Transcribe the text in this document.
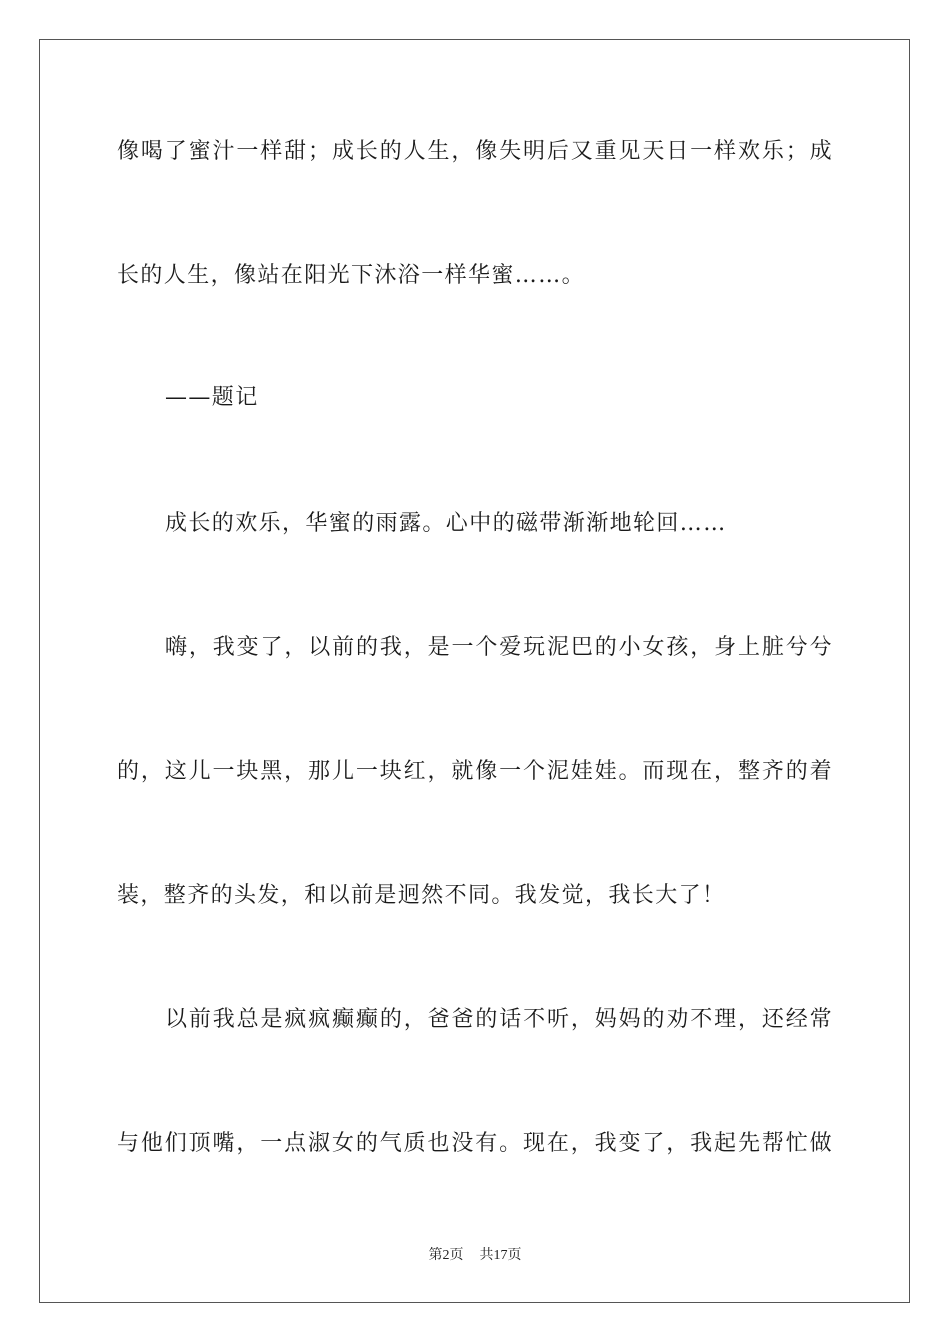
像喝了蜜汁一样甜；成长的人生，像失明后又重见天日一样欢乐；成
长的人生，像站在阳光下沐浴一样华蜜……。
——题记
成长的欢乐，华蜜的雨露。心中的磁带渐渐地轮回……
嗨，我变了，以前的我，是一个爱玩泥巴的小女孩，身上脏兮兮
的，这儿一块黑，那儿一块红，就像一个泥娃娃。而现在，整齐的着
装，整齐的头发，和以前是迥然不同。我发觉，我长大了！
以前我总是疯疯癫癫的，爸爸的话不听，妈妈的劝不理，还经常
与他们顶嘴，一点淑女的气质也没有。现在，我变了，我起先帮忙做
第2页 共17页
